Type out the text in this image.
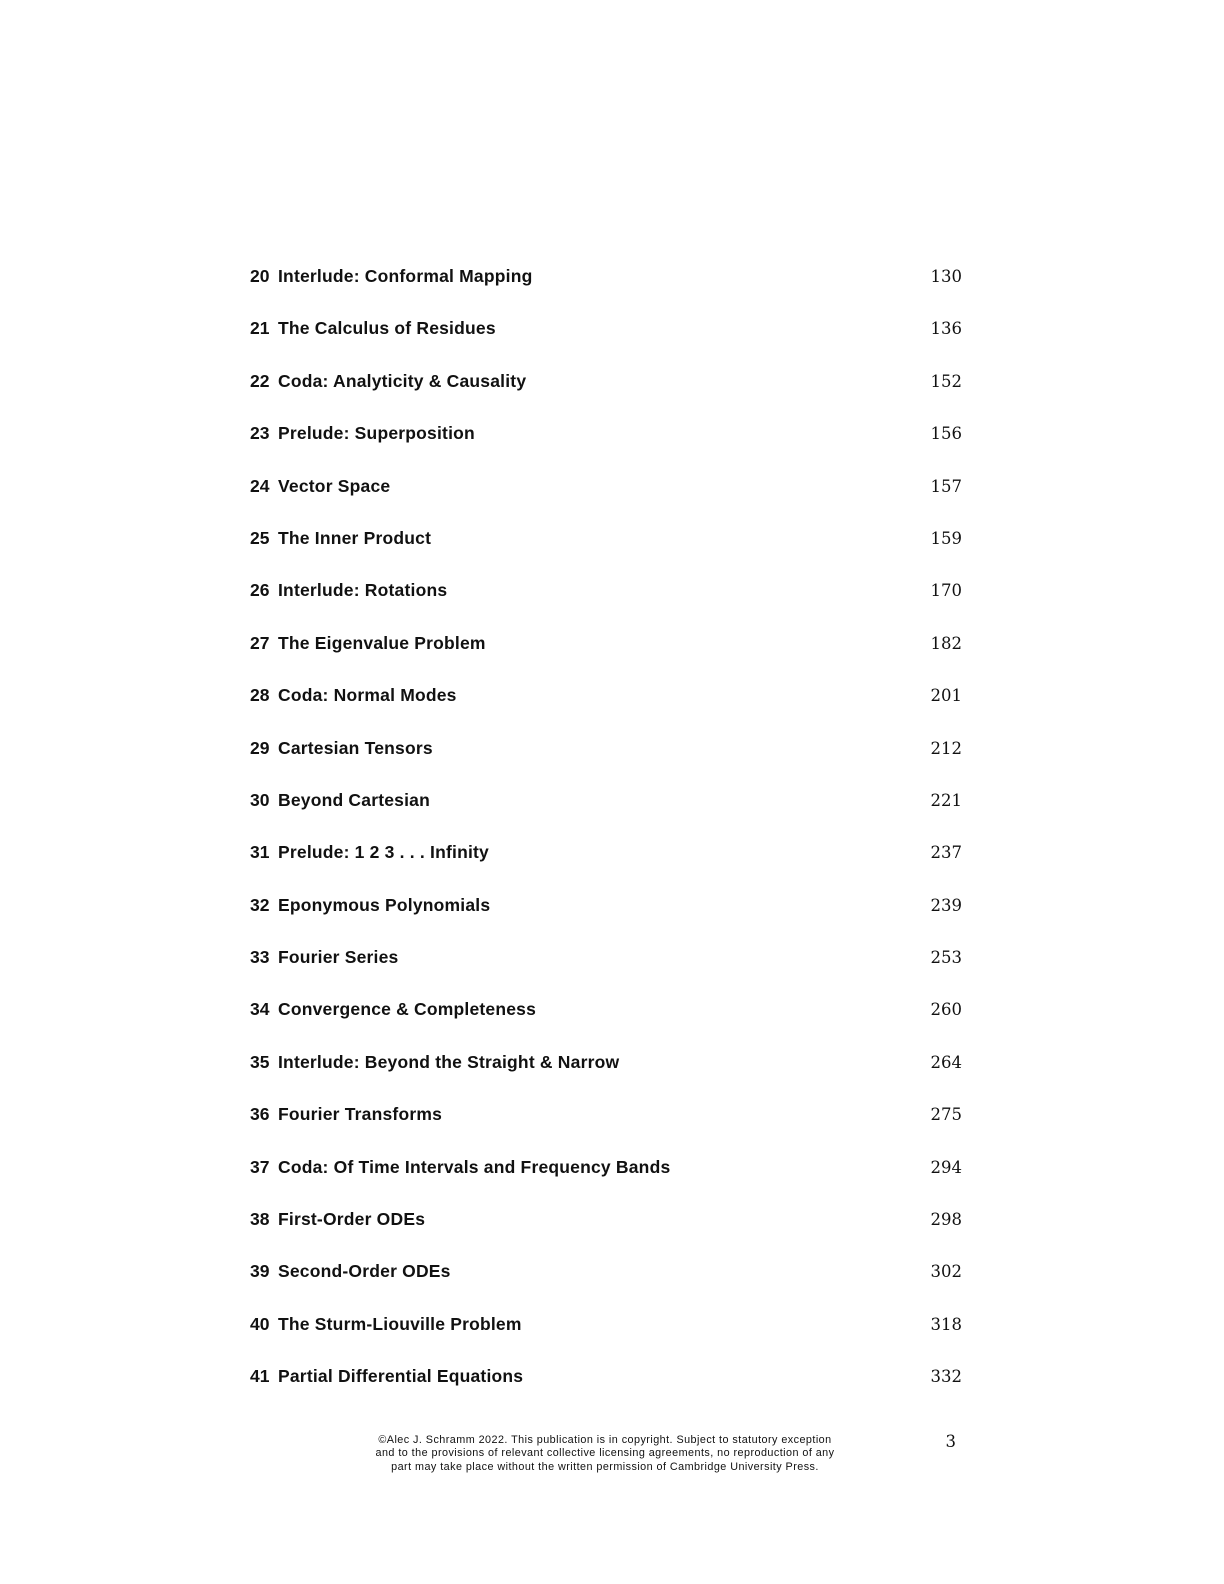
20 Interlude: Conformal Mapping	130
21 The Calculus of Residues	136
22 Coda: Analyticity & Causality	152
23 Prelude: Superposition	156
24 Vector Space	157
25 The Inner Product	159
26 Interlude: Rotations	170
27 The Eigenvalue Problem	182
28 Coda: Normal Modes	201
29 Cartesian Tensors	212
30 Beyond Cartesian	221
31 Prelude: 1 2 3 . . . Infinity	237
32 Eponymous Polynomials	239
33 Fourier Series	253
34 Convergence & Completeness	260
35 Interlude: Beyond the Straight & Narrow	264
36 Fourier Transforms	275
37 Coda: Of Time Intervals and Frequency Bands	294
38 First-Order ODEs	298
39 Second-Order ODEs	302
40 The Sturm-Liouville Problem	318
41 Partial Differential Equations	332
©Alec J. Schramm 2022. This publication is in copyright. Subject to statutory exception
and to the provisions of relevant collective licensing agreements, no reproduction of any
part may take place without the written permission of Cambridge University Press.
3
